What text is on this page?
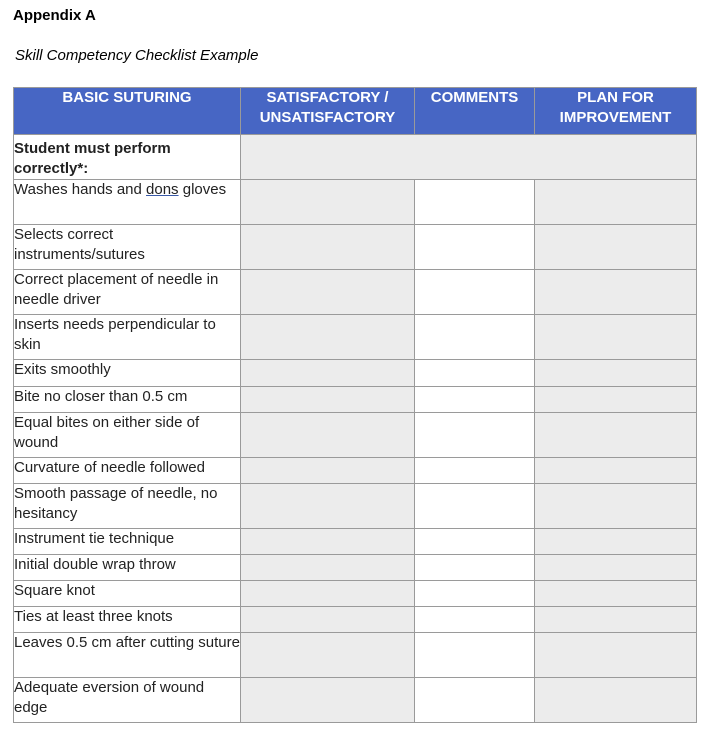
Appendix A
Skill Competency Checklist Example
BASIC SUTURING	SATISFACTORY / UNSATISFACTORY	COMMENTS	PLAN FOR IMPROVEMENT
Student must perform correctly*:			
Washes hands and dons gloves			
Selects correct instruments/sutures			
Correct placement of needle in needle driver			
Inserts needs perpendicular to skin			
Exits smoothly			
Bite no closer than 0.5 cm			
Equal bites on either side of wound			
Curvature of needle followed			
Smooth passage of needle, no hesitancy			
Instrument tie technique			
Initial double wrap throw			
Square knot			
Ties at least three knots			
Leaves 0.5 cm after cutting suture			
Adequate eversion of wound edge			
